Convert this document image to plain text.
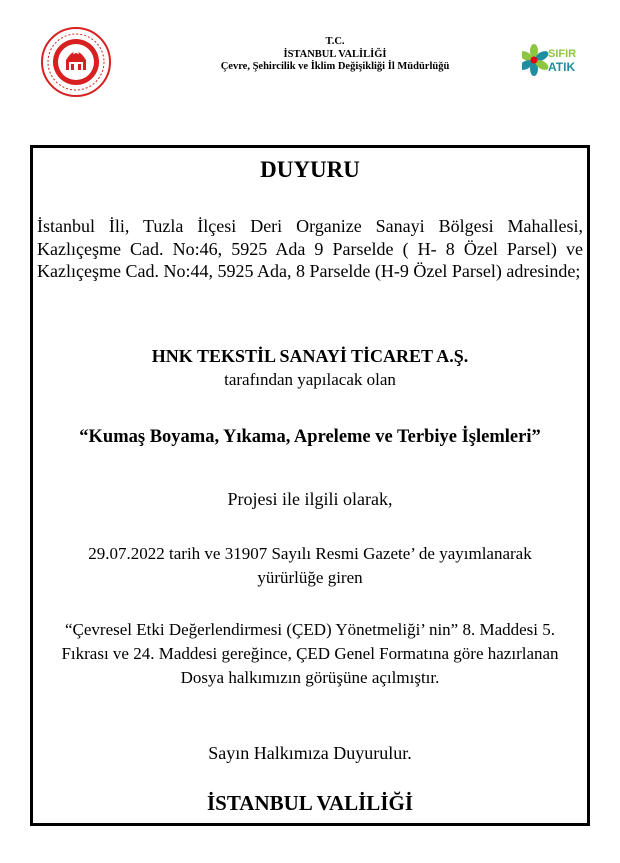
T.C.
İSTANBUL VALİLİĞİ
Çevre, Şehircilik ve İklim Değişikliği İl Müdürlüğü
SIFIR
ATIK
DUYURU

İstanbul İli, Tuzla İlçesi Deri Organize Sanayi Bölgesi Mahallesi, Kazlıçeşme Cad. No:46, 5925 Ada 9 Parselde ( H- 8 Özel Parsel) ve Kazlıçeşme Cad. No:44, 5925 Ada, 8 Parselde (H-9 Özel Parsel) adresinde;

HNK TEKSTİL SANAYİ TİCARET A.Ş.

tarafından yapılacak olan

“Kumaş Boyama, Yıkama, Apreleme ve Terbiye İşlemleri”

Projesi ile ilgili olarak,

29.07.2022 tarih ve 31907 Sayılı Resmi Gazete’ de yayımlanarak yürürlüğe giren

“Çevresel Etki Değerlendirmesi (ÇED) Yönetmeliği’ nin” 8. Maddesi 5. Fıkrası ve 24. Maddesi gereğince, ÇED Genel Formatına göre hazırlanan Dosya halkımızın görüşüne açılmıştır.

Sayın Halkımıza Duyurulur.

İSTANBUL VALİLİĞİ
